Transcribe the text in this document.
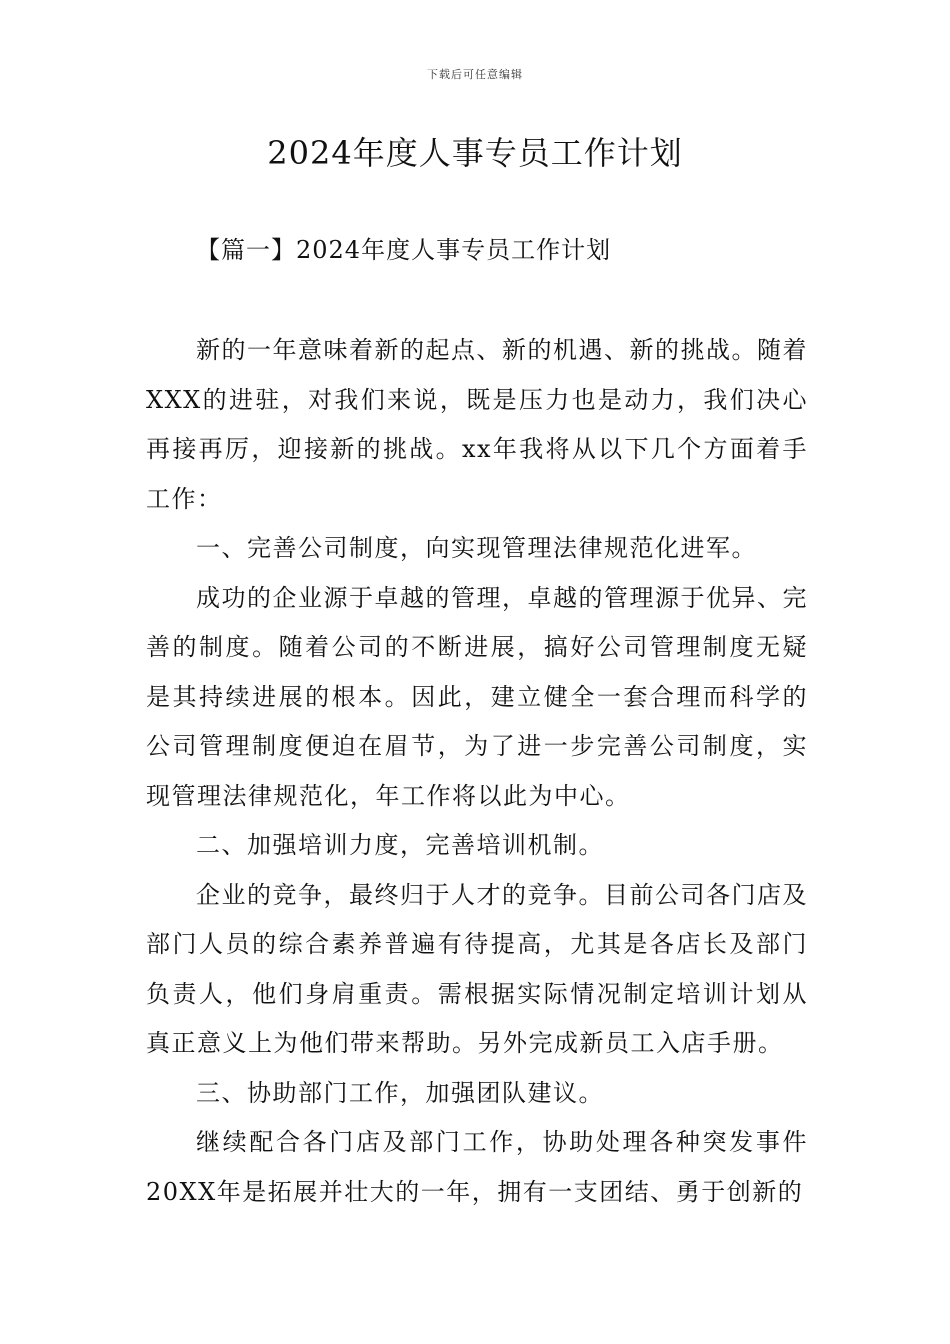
下载后可任意编辑
2024年度人事专员工作计划
【篇一】2024年度人事专员工作计划

新的一年意味着新的起点、新的机遇、新的挑战。随着XXX的进驻，对我们来说，既是压力也是动力，我们决心再接再厉，迎接新的挑战。xx年我将从以下几个方面着手工作：

一、完善公司制度，向实现管理法律规范化进军。

成功的企业源于卓越的管理，卓越的管理源于优异、完善的制度。随着公司的不断进展，搞好公司管理制度无疑是其持续进展的根本。因此，建立健全一套合理而科学的公司管理制度便迫在眉节，为了进一步完善公司制度，实现管理法律规范化，年工作将以此为中心。

二、加强培训力度，完善培训机制。

企业的竞争，最终归于人才的竞争。目前公司各门店及部门人员的综合素养普遍有待提高，尤其是各店长及部门负责人，他们身肩重责。需根据实际情况制定培训计划从真正意义上为他们带来帮助。另外完成新员工入店手册。

三、协助部门工作，加强团队建议。

继续配合各门店及部门工作，协助处理各种突发事件20XX年是拓展并壮大的一年，拥有一支团结、勇于创新的
